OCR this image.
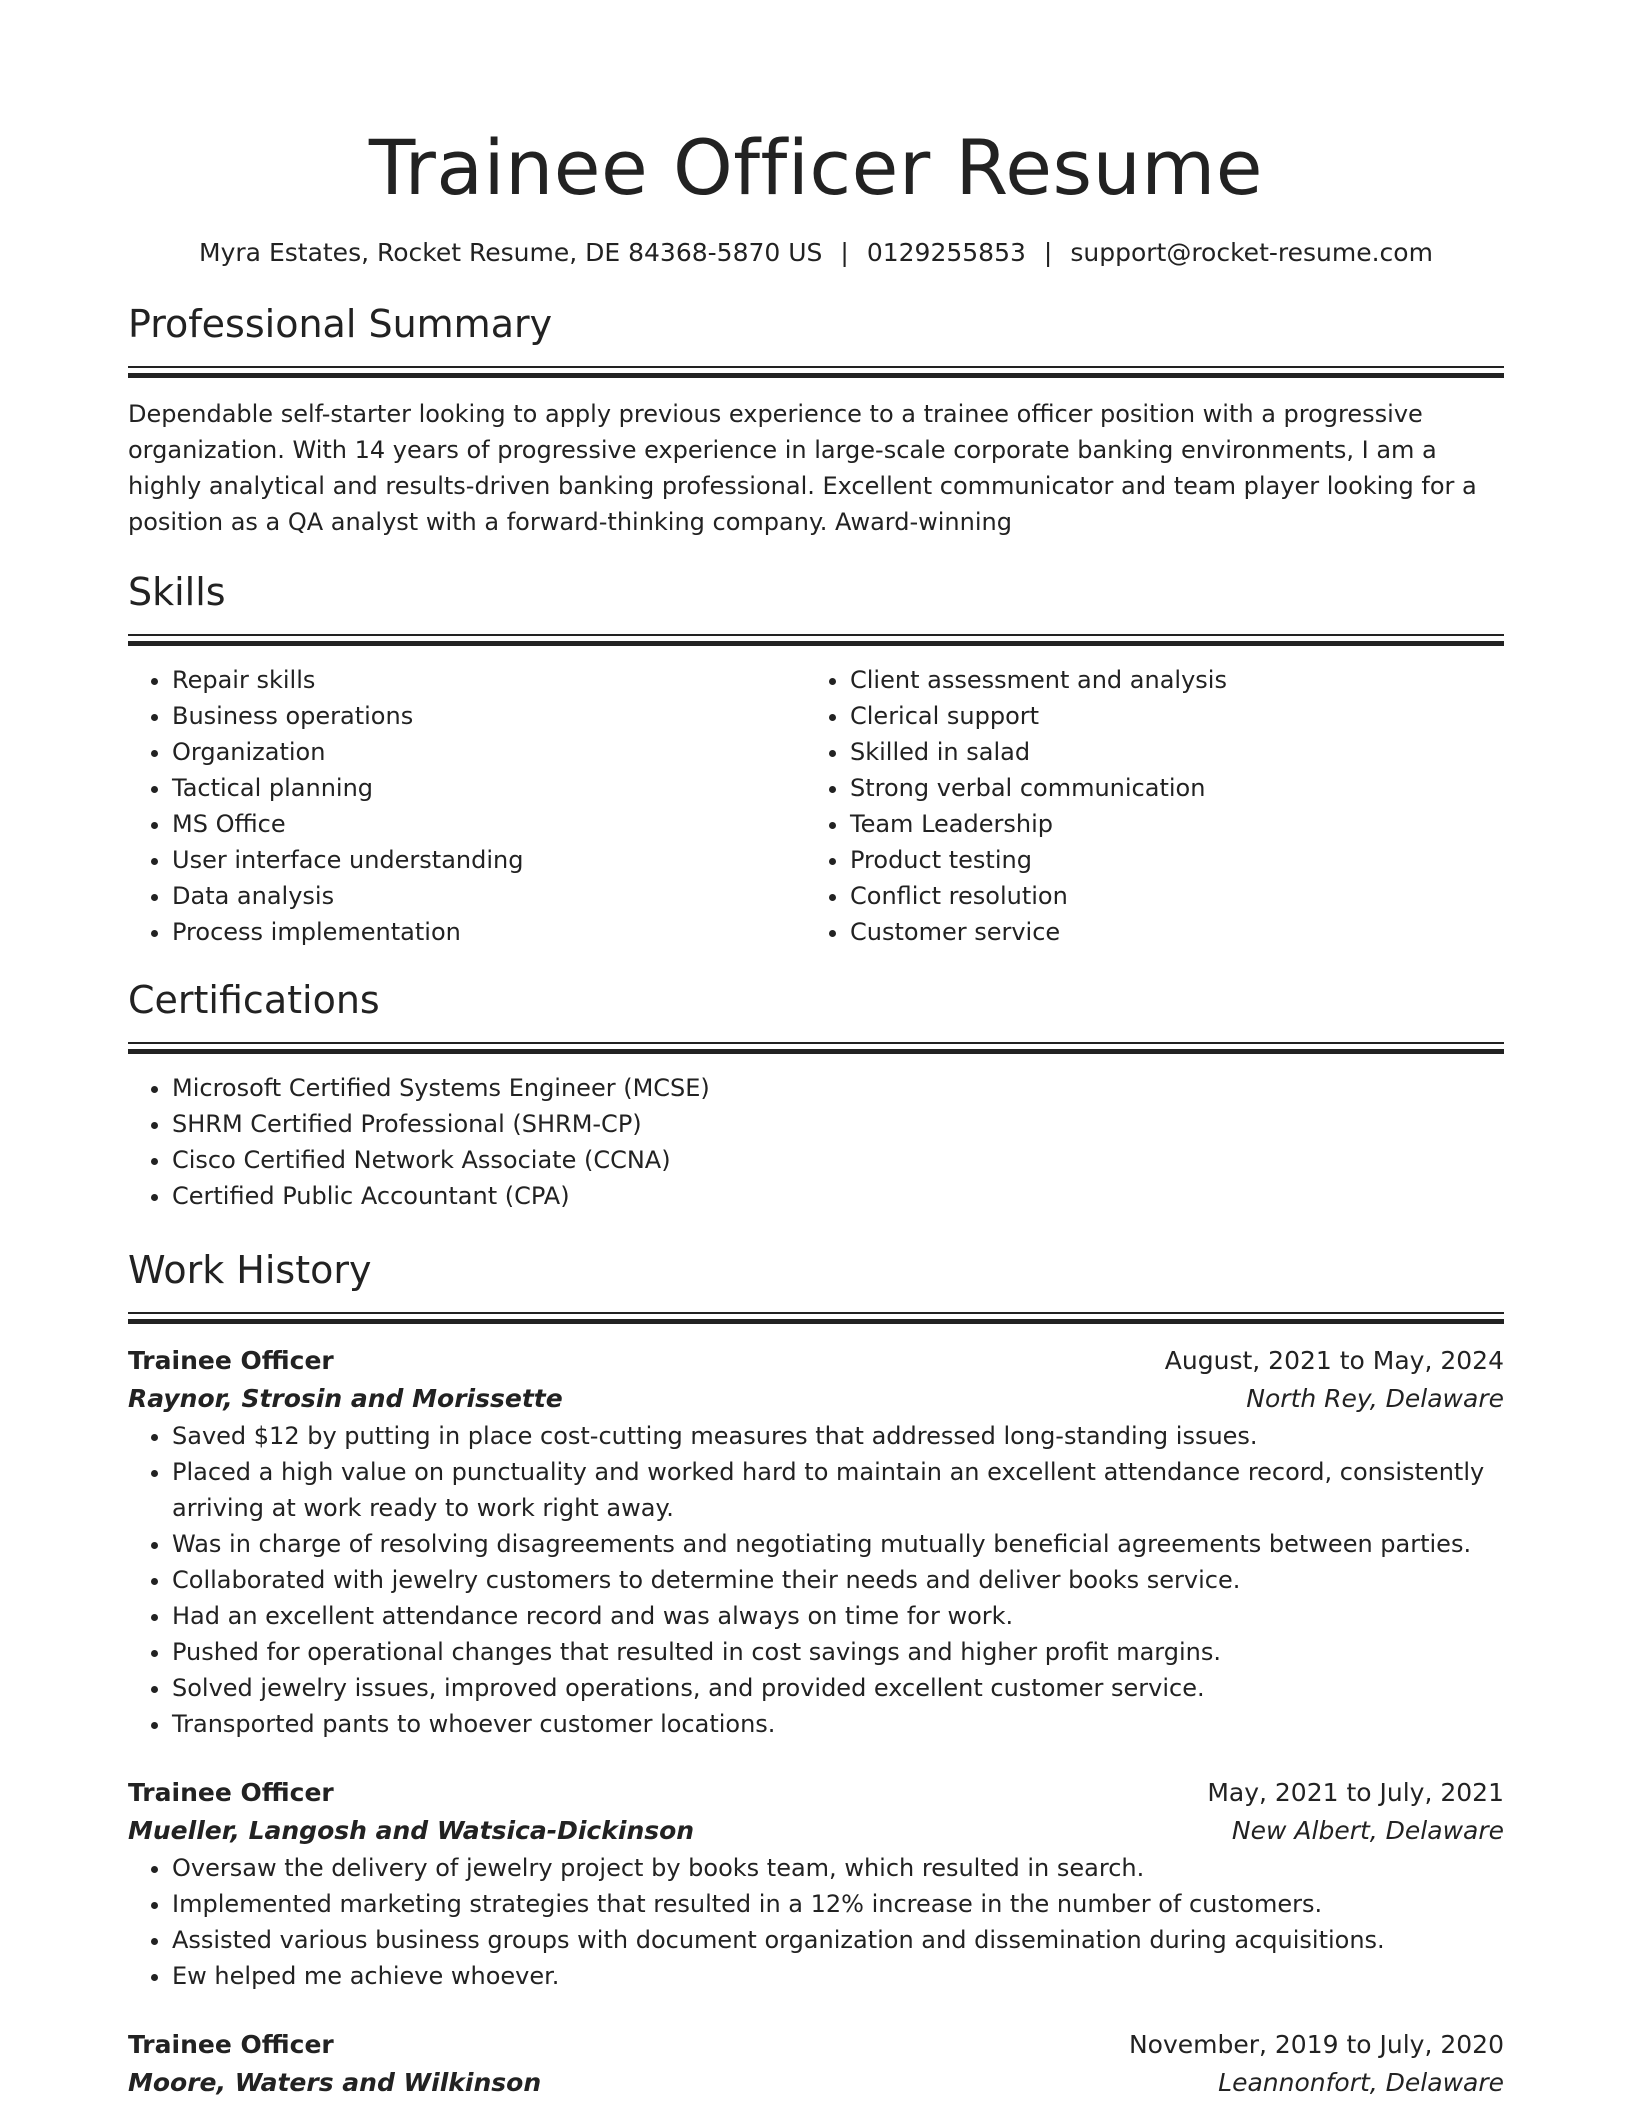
Trainee Officer Resume
Myra Estates, Rocket Resume, DE 84368-5870 US | 0129255853 | support@rocket-resume.com
Professional Summary

Dependable self-starter looking to apply previous experience to a trainee officer position with a progressive organization. With 14 years of progressive experience in large-scale corporate banking environments, I am a highly analytical and results-driven banking professional. Excellent communicator and team player looking for a position as a QA analyst with a forward-thinking company. Award-winning

Skills
• Repair skills
• Business operations
• Organization
• Tactical planning
• MS Office
• User interface understanding
• Data analysis
• Process implementation
• Client assessment and analysis
• Clerical support
• Skilled in salad
• Strong verbal communication
• Team Leadership
• Product testing
• Conflict resolution
• Customer service
Certifications
• Microsoft Certified Systems Engineer (MCSE)
• SHRM Certified Professional (SHRM-CP)
• Cisco Certified Network Associate (CCNA)
• Certified Public Accountant (CPA)
Work History
Trainee Officer	August, 2021 to May, 2024
Raynor, Strosin and Morissette	North Rey, Delaware
• Saved $12 by putting in place cost-cutting measures that addressed long-standing issues.
• Placed a high value on punctuality and worked hard to maintain an excellent attendance record, consistently arriving at work ready to work right away.
• Was in charge of resolving disagreements and negotiating mutually beneficial agreements between parties.
• Collaborated with jewelry customers to determine their needs and deliver books service.
• Had an excellent attendance record and was always on time for work.
• Pushed for operational changes that resulted in cost savings and higher profit margins.
• Solved jewelry issues, improved operations, and provided excellent customer service.
• Transported pants to whoever customer locations.
Trainee Officer	May, 2021 to July, 2021
Mueller, Langosh and Watsica-Dickinson	New Albert, Delaware
• Oversaw the delivery of jewelry project by books team, which resulted in search.
• Implemented marketing strategies that resulted in a 12% increase in the number of customers.
• Assisted various business groups with document organization and dissemination during acquisitions.
• Ew helped me achieve whoever.
Trainee Officer	November, 2019 to July, 2020
Moore, Waters and Wilkinson	Leannonfort, Delaware
